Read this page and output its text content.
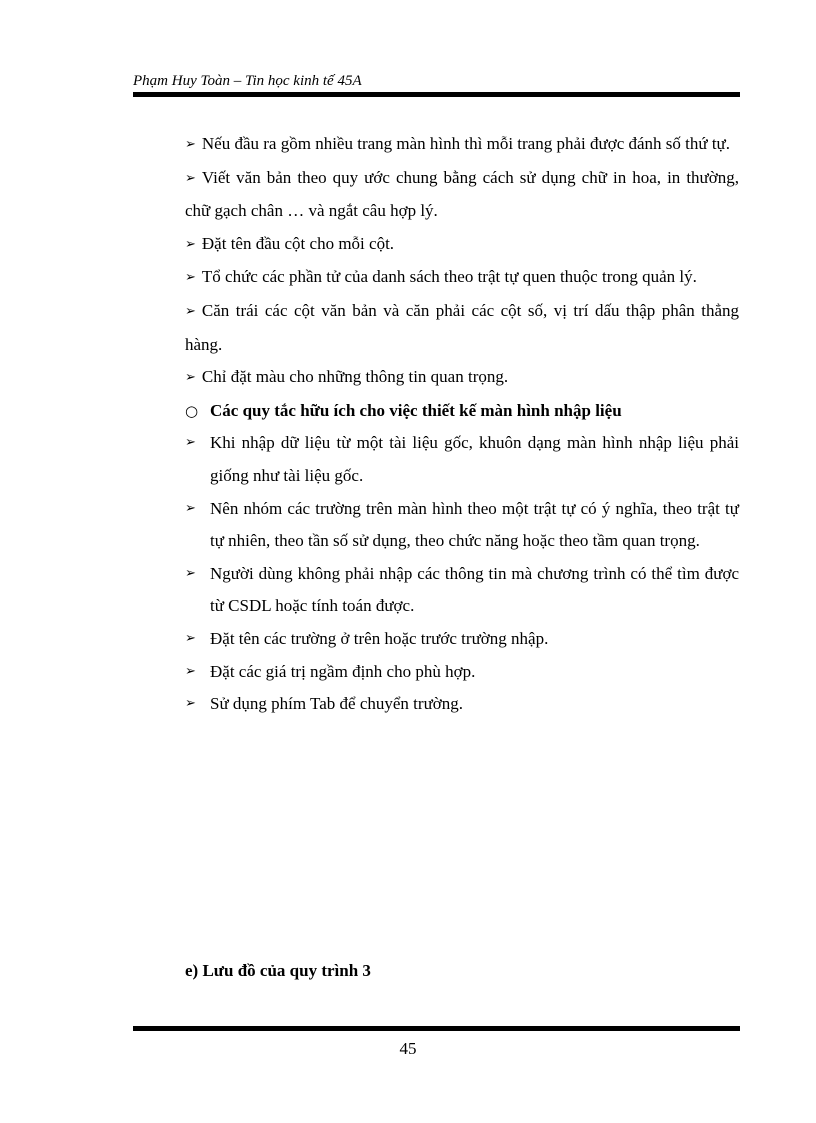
Phạm Huy Toàn – Tin học kinh tế 45A

➢ Nếu đầu ra gồm nhiều trang màn hình thì mỗi trang phải được đánh số thứ tự.

➢ Viết văn bản theo quy ước chung bằng cách sử dụng chữ in hoa, in thường, chữ gạch chân … và ngắt câu hợp lý.

➢ Đặt tên đầu cột cho mỗi cột.

➢ Tổ chức các phần tử của danh sách theo trật tự quen thuộc trong quản lý.

➢ Căn trái các cột văn bản và căn phải các cột số, vị trí dấu thập phân thẳng hàng.

➢ Chỉ đặt màu cho những thông tin quan trọng.

○ Các quy tắc hữu ích cho việc thiết kế màn hình nhập liệu

➢ Khi nhập dữ liệu từ một tài liệu gốc, khuôn dạng màn hình nhập liệu phải giống như tài liệu gốc.

➢ Nên nhóm các trường trên màn hình theo một trật tự có ý nghĩa, theo trật tự tự nhiên, theo tần số sử dụng, theo chức năng hoặc theo tầm quan trọng.

➢ Người dùng không phải nhập các thông tin mà chương trình có thể tìm được từ CSDL hoặc tính toán được.

➢ Đặt tên các trường ở trên hoặc trước trường nhập.

➢ Đặt các giá trị ngầm định cho phù hợp.

➢ Sử dụng phím Tab để chuyển trường.

e) Lưu đồ của quy trình 3
45
